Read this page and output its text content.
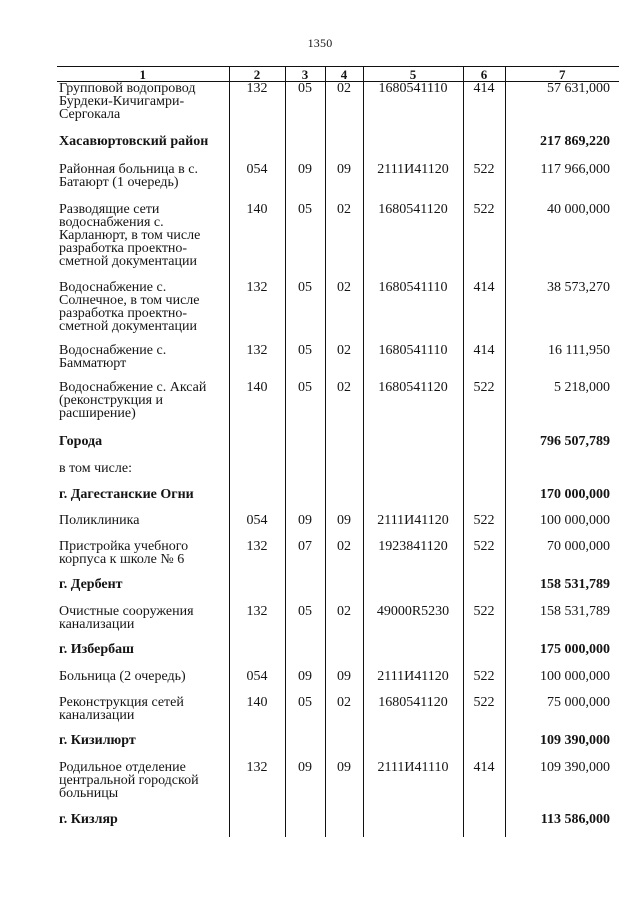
1350
1	2	3	4	5	6	7
Групповой водопровод Бурдеки-Кичигамри-Сергокала	132	05	02	1680541110	414	57 631,000
Хасавюртовский район						217 869,220
Районная больница в с. Батаюрт (1 очередь)	054	09	09	2111И41120	522	117 966,000
Разводящие сети водоснабжения с. Карланюрт, в том числе разработка проектно-сметной документации	140	05	02	1680541120	522	40 000,000
Водоснабжение с. Солнечное, в том числе разработка проектно-сметной документации	132	05	02	1680541110	414	38 573,270
Водоснабжение с. Бамматюрт	132	05	02	1680541110	414	16 111,950
Водоснабжение с. Аксай (реконструкция и расширение)	140	05	02	1680541120	522	5 218,000
Города						796 507,789
в том числе:						
г. Дагестанские Огни						170 000,000
Поликлиника	054	09	09	2111И41120	522	100 000,000
Пристройка учебного корпуса к школе № 6	132	07	02	1923841120	522	70 000,000
г. Дербент						158 531,789
Очистные сооружения канализации	132	05	02	49000R5230	522	158 531,789
г. Избербаш						175 000,000
Больница (2 очередь)	054	09	09	2111И41120	522	100 000,000
Реконструкция сетей канализации	140	05	02	1680541120	522	75 000,000
г. Кизилюрт						109 390,000
Родильное отделение центральной городской больницы	132	09	09	2111И41110	414	109 390,000
г. Кизляр						113 586,000
